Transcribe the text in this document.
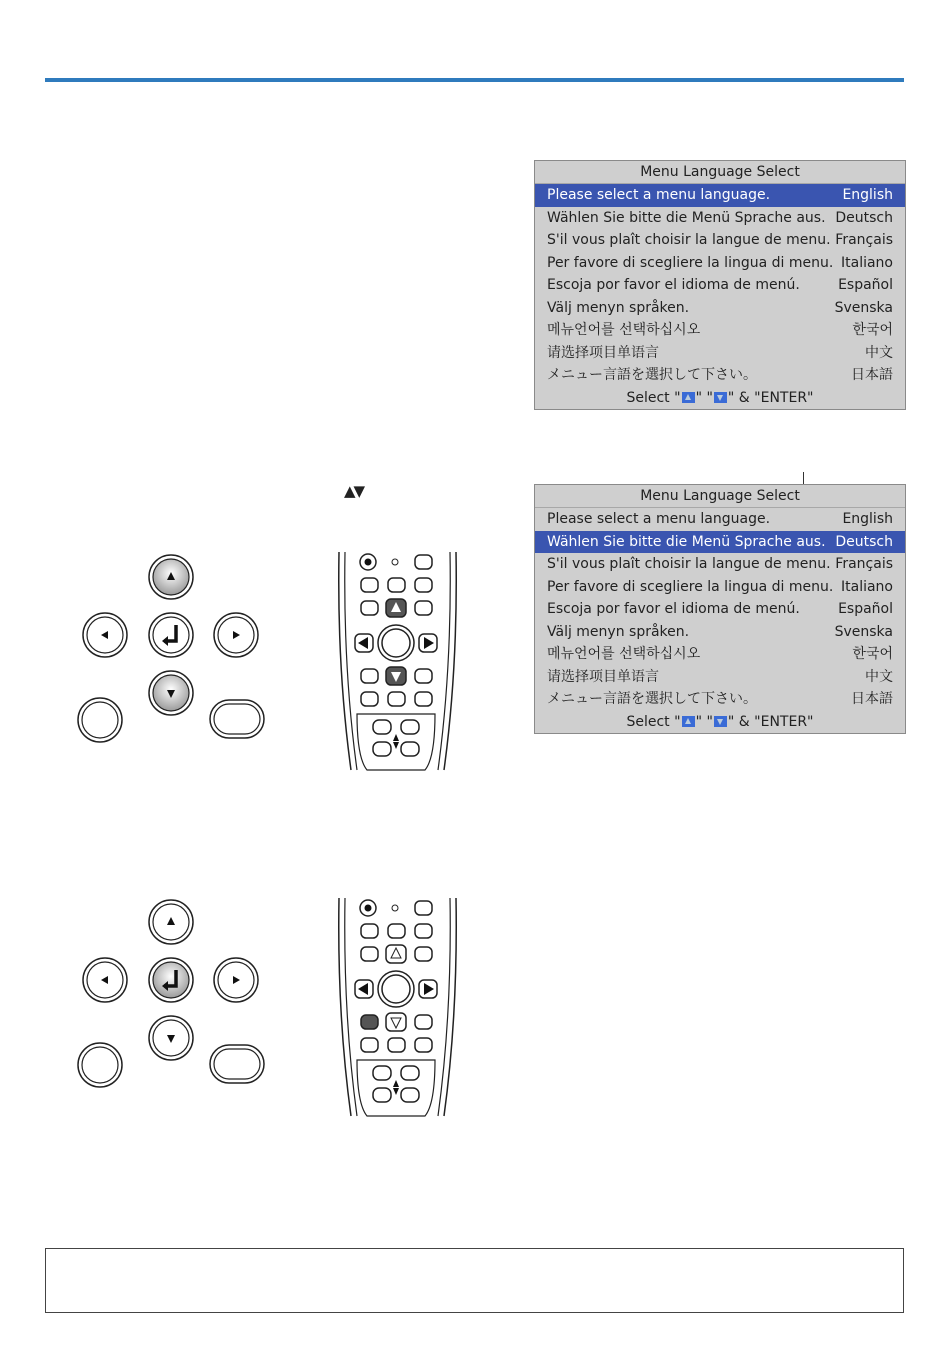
Menu Language Select
Please select a menu language.	English
Wählen Sie bitte die Menü Sprache aus. Deutsch
S'il vous plaît choisir la langue de menu. Français
Per favore di scegliere la lingua di menu. Italiano
Escoja por favor el idioma de menú.	Español
Välj menyn språken.	Svenska
메뉴언어를 선택하십시오	한국어
请选择项目单语言	中文
メニュー言語を選択して下さい。	日本語
Select " " " " & "ENTER"
Menu Language Select
Please select a menu language.	English
Wählen Sie bitte die Menü Sprache aus. Deutsch
S'il vous plaît choisir la langue de menu. Français
Per favore di scegliere la lingua di menu. Italiano
Escoja por favor el idioma de menú.	Español
Välj menyn språken.	Svenska
메뉴언어를 선택하십시오	한국어
请选择项目单语言	中文
メニュー言語を選択して下さい。	日本語
Select " " " " & "ENTER"
▲▼
